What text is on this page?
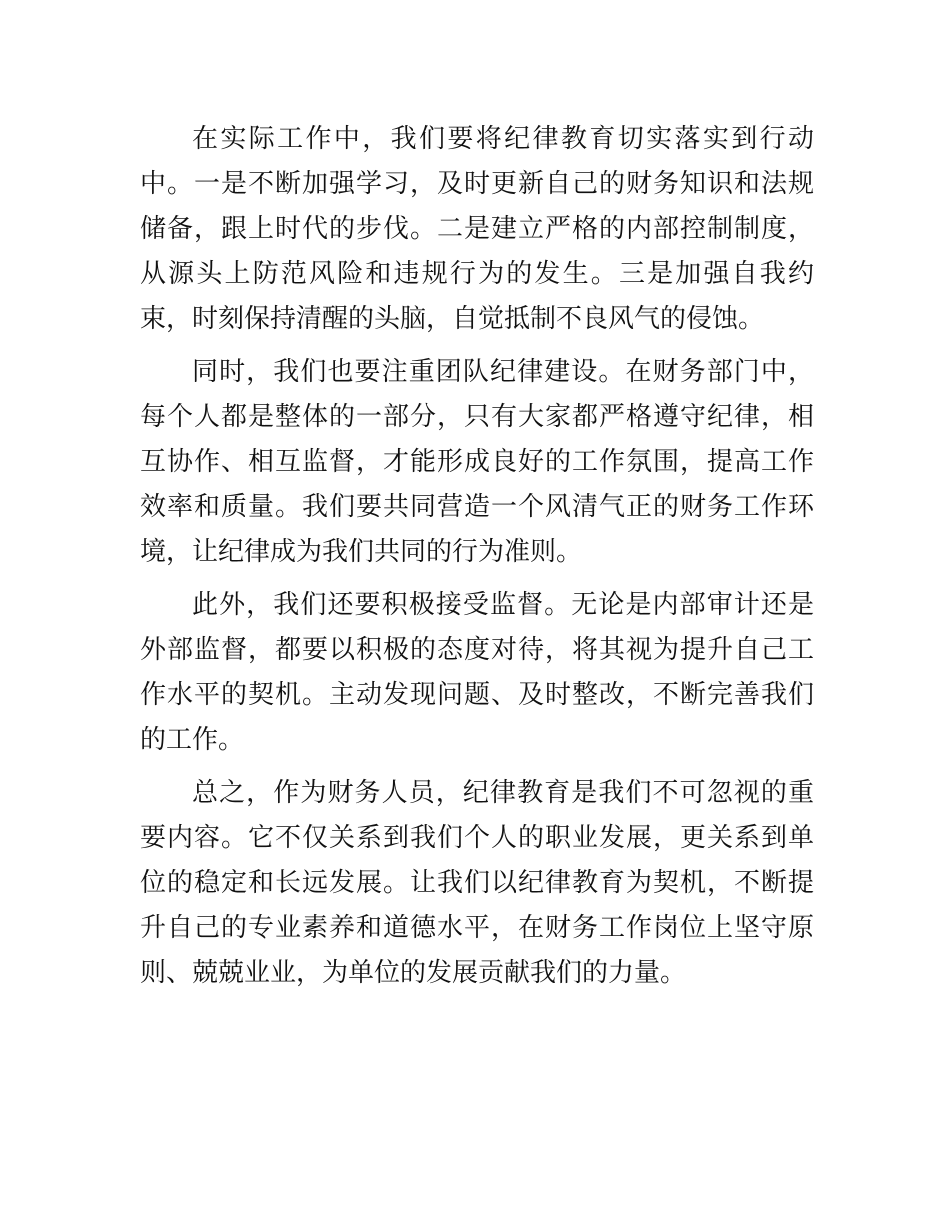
在实际工作中，我们要将纪律教育切实落实到行动中。一是不断加强学习，及时更新自己的财务知识和法规储备，跟上时代的步伐。二是建立严格的内部控制制度，从源头上防范风险和违规行为的发生。三是加强自我约束，时刻保持清醒的头脑，自觉抵制不良风气的侵蚀。

同时，我们也要注重团队纪律建设。在财务部门中，每个人都是整体的一部分，只有大家都严格遵守纪律，相互协作、相互监督，才能形成良好的工作氛围，提高工作效率和质量。我们要共同营造一个风清气正的财务工作环境，让纪律成为我们共同的行为准则。

此外，我们还要积极接受监督。无论是内部审计还是外部监督，都要以积极的态度对待，将其视为提升自己工作水平的契机。主动发现问题、及时整改，不断完善我们的工作。

总之，作为财务人员，纪律教育是我们不可忽视的重要内容。它不仅关系到我们个人的职业发展，更关系到单位的稳定和长远发展。让我们以纪律教育为契机，不断提升自己的专业素养和道德水平，在财务工作岗位上坚守原则、兢兢业业，为单位的发展贡献我们的力量。
